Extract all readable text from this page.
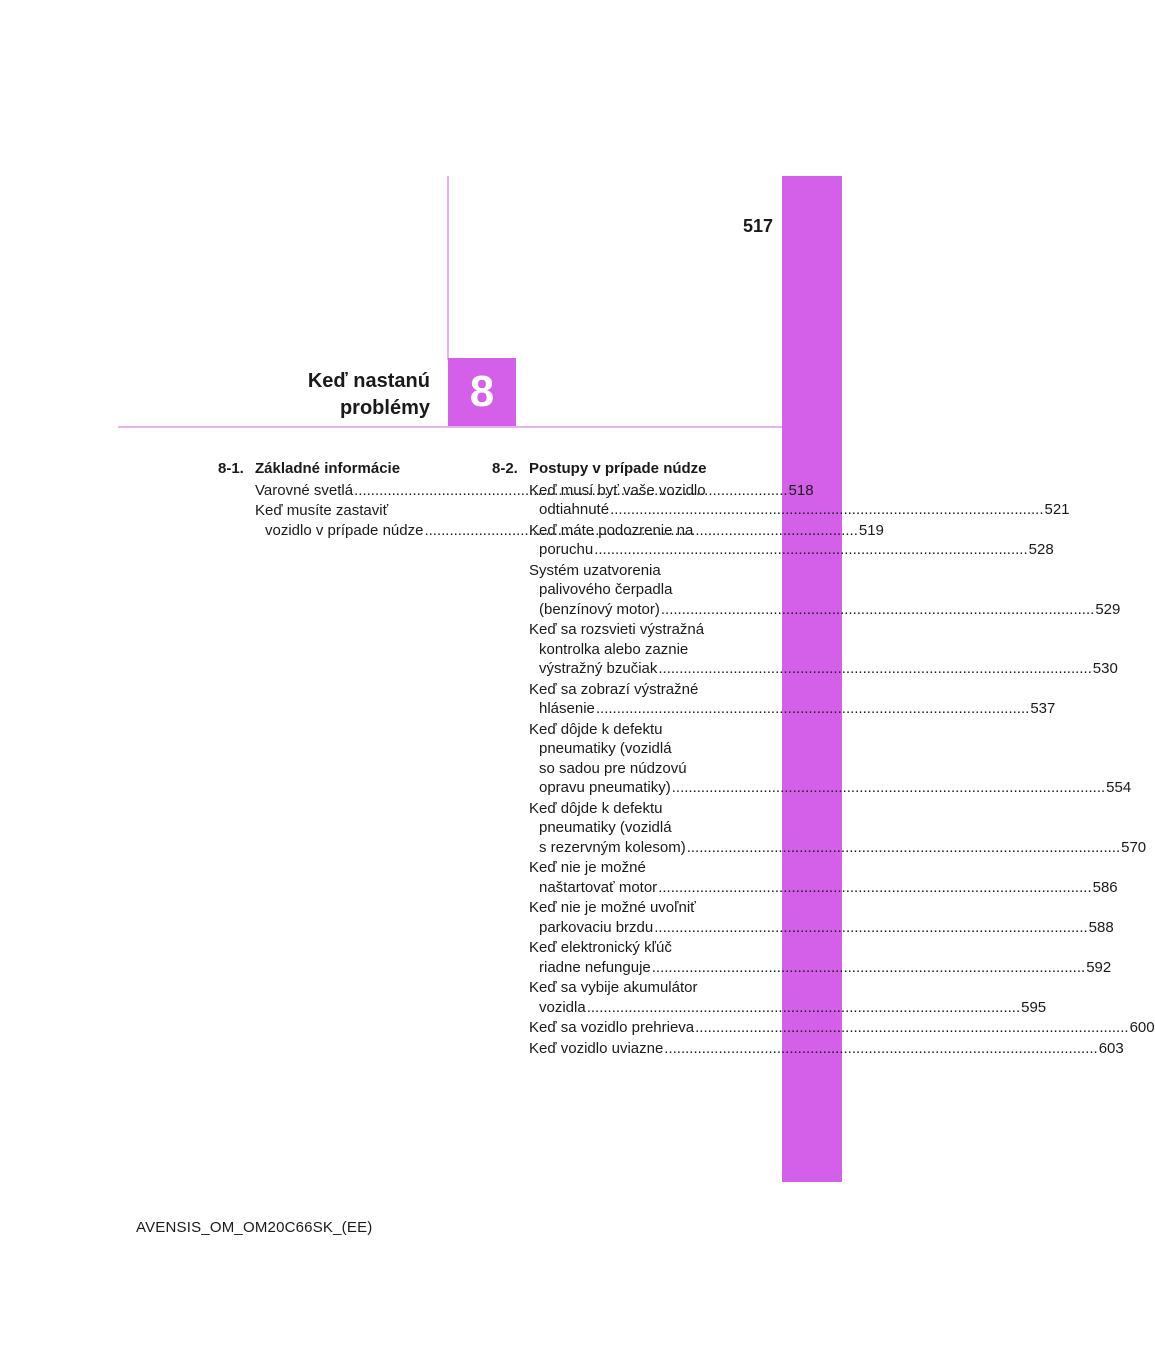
517
8
Keď nastanú
problémy
8-1. Základné informácie
Varovné svetlá .....	518
Keď musíte zastaviť
vozidlo v prípade núdze .....	519
8-2. Postupy v prípade núdze
Keď musí byť vaše vozidlo
odtiahnuté .....	521
Keď máte podozrenie na
poruchu .....	528
Systém uzatvorenia
palivového čerpadla
(benzínový motor) .....	529
Keď sa rozsvieti výstražná
kontrolka alebo zaznie
výstražný bzučiak .....	530
Keď sa zobrazí výstražné
hlásenie .....	537
Keď dôjde k defektu
pneumatiky (vozidlá
so sadou pre núdzovú
opravu pneumatiky) .....	554
Keď dôjde k defektu
pneumatiky (vozidlá
s rezervným kolesom) .....	570
Keď nie je možné
naštartovať motor .....	586
Keď nie je možné uvoľniť
parkovaciu brzdu .....	588
Keď elektronický kľúč
riadne nefunguje .....	592
Keď sa vybije akumulátor
vozidla .....	595
Keď sa vozidlo prehrieva .....	600
Keď vozidlo uviazne .....	603
AVENSIS_OM_OM20C66SK_(EE)
